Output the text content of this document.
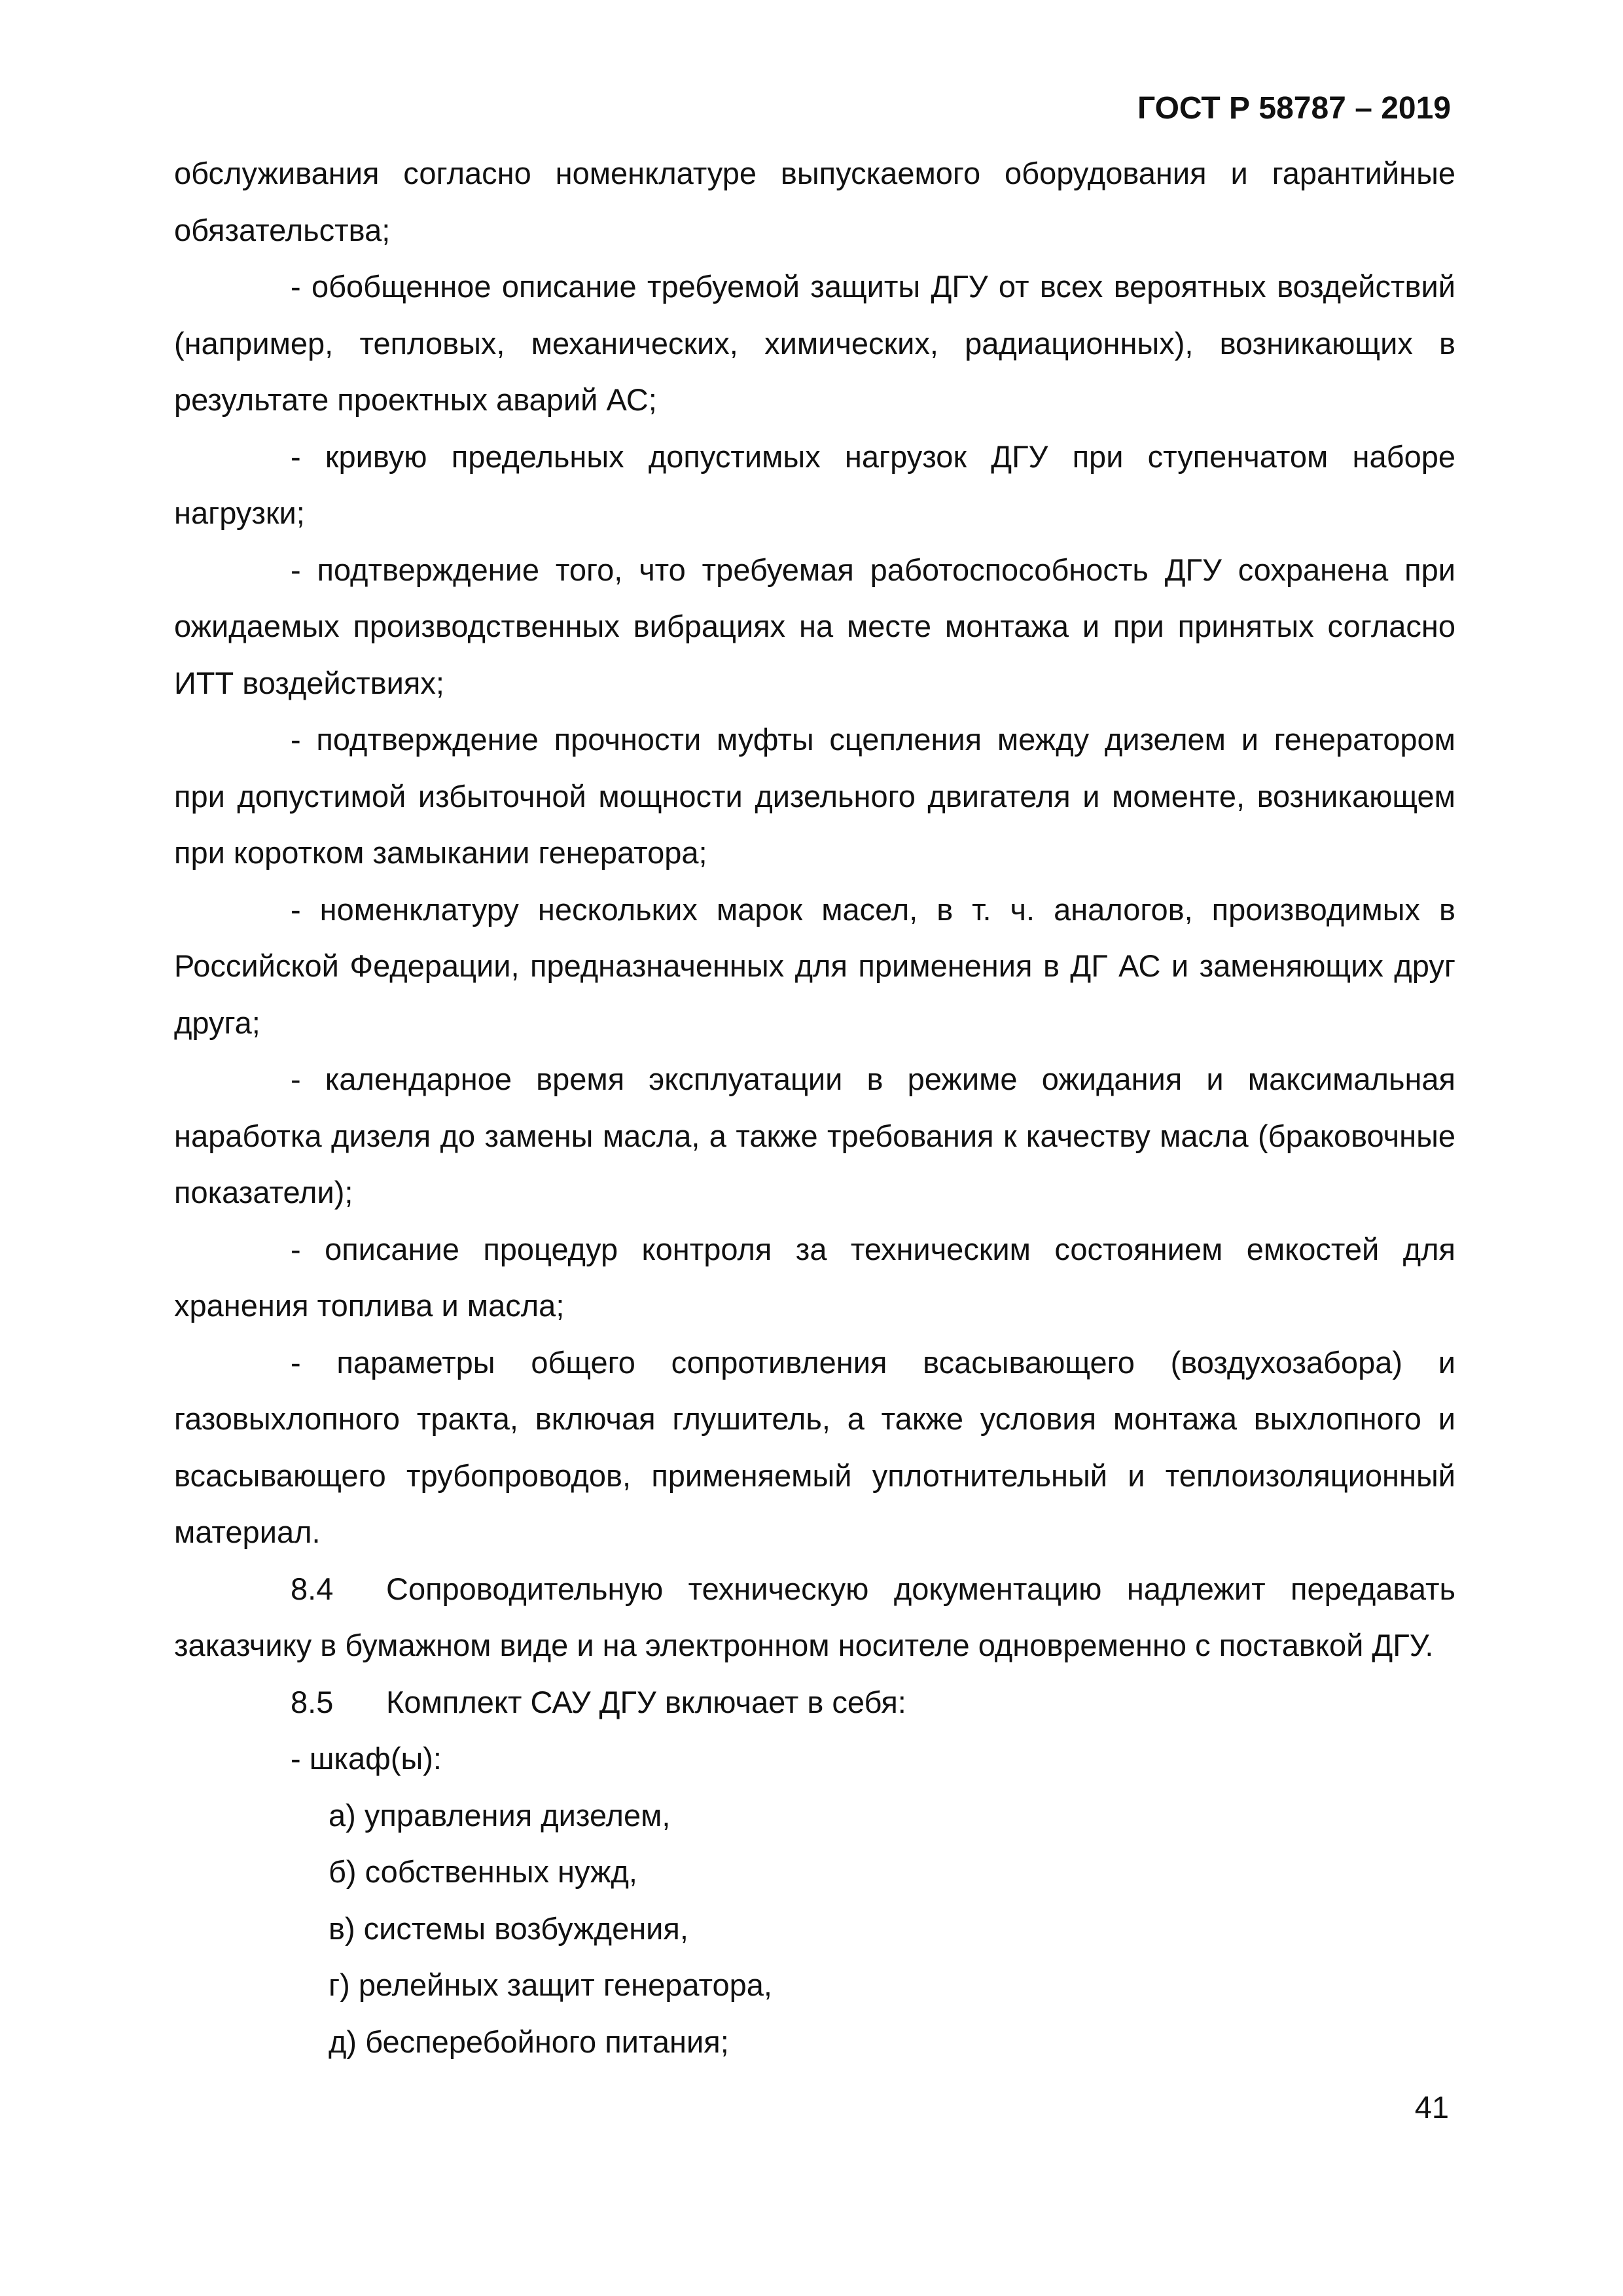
ГОСТ Р 58787 – 2019

обслуживания согласно номенклатуре выпускаемого оборудования и гарантийные обязательства;

- обобщенное описание требуемой защиты ДГУ от всех вероятных воздействий (например, тепловых, механических, химических, радиационных), возникающих в результате проектных аварий АС;

- кривую предельных допустимых нагрузок ДГУ при ступенчатом наборе нагрузки;

- подтверждение того, что требуемая работоспособность ДГУ сохранена при ожидаемых производственных вибрациях на месте монтажа и при принятых согласно ИТТ воздействиях;

- подтверждение прочности муфты сцепления между дизелем и генератором при допустимой избыточной мощности дизельного двигателя и моменте, возникающем при коротком замыкании генератора;

- номенклатуру нескольких марок масел, в т. ч. аналогов, производимых в Российской Федерации, предназначенных для применения в ДГ АС и заменяющих друг друга;

- календарное время эксплуатации в режиме ожидания и максимальная наработка дизеля до замены масла, а также требования к качеству масла (браковочные показатели);

- описание процедур контроля за техническим состоянием емкостей для хранения топлива и масла;

- параметры общего сопротивления всасывающего (воздухозабора) и газовыхлопного тракта, включая глушитель, а также условия монтажа выхлопного и всасывающего трубопроводов, применяемый уплотнительный и теплоизоляционный материал.

8.4 Сопроводительную техническую документацию надлежит передавать заказчику в бумажном виде и на электронном носителе одновременно с поставкой ДГУ.

8.5 Комплект САУ ДГУ включает в себя:

- шкаф(ы):

а) управления дизелем,

б) собственных нужд,

в) системы возбуждения,

г) релейных защит генератора,

д) бесперебойного питания;

41
